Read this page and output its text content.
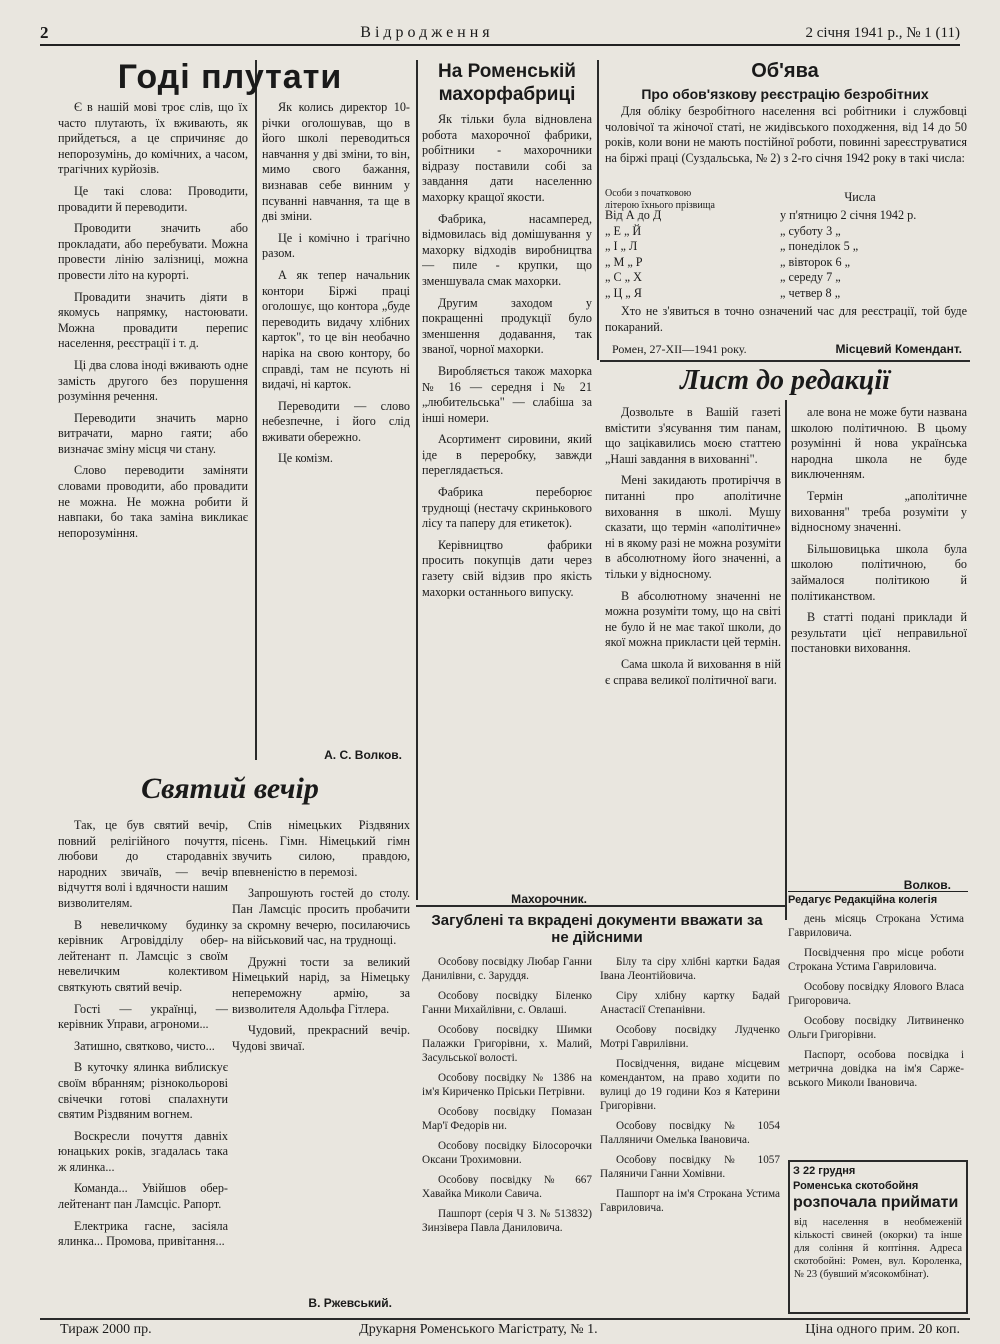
2	Відродження	2 січня 1941 р., № 1 (11)
Годі плутати

Є в нашій мові троє слів, що їх часто плутають, їх вживають, як прийдеться, а це спричиняє до непорозумінь, до комічних, а часом, трагічних курйозів.

Це такі слова: Проводити, провадити й переводити.

Проводити значить або прокладати, або перебувати. Можна провести лінію залізниці, можна провести літо на курорті.

Провадити значить діяти в якомусь напрямку, настоювати. Можна провадити перепис населення, реєстрації і т. д.

Ці два слова іноді вживають одне замість другого без порушення розуміння речення.

Переводити значить марно витрачати, марно гаяти; або визначає зміну місця чи стану.

Слово переводити заміняти словами проводити, або провадити не можна. Не можна робити й навпаки, бо така заміна викликає непорозуміння.

Як колись директор 10-річки оголошував, що в його школі переводиться навчання у дві зміни, то він, мимо свого бажання, визнавав себе винним у псуванні навчання, та ще в дві зміни.

Це і комічно і трагічно разом.

А як тепер начальник контори Біржі праці оголошує, що контора „буде переводить видачу хлібних карток", то це він необачно наріка на свою контору, бо справді, там не псують ні видачі, ні карток.

Переводити — слово небезпечне, і його слід вживати обережно.

Це комізм.

А. С. Волков.
Святий вечір

Так, це був святий вечір, повний релігійного почуття, любови до стародавніх народних звичаїв, — вечір відчуття волі і вдячности нашим визволителям.

В невеличкому будинку керівник Агровідділу обер-лейтенант п. Ламсціс з своїм невеличким колективом святкують святий вечір.

Гості — українці, — керівник Управи, агрономи...

Затишно, святково, чисто...

В куточку ялинка виблискує своїм вбранням; різнокольорові свічечки готові спалахнути святим Різдвяним вогнем.

Воскресли почуття давніх юнацьких років, згадалась така ж ялинка...

Команда... Увійшов обер-лейтенант пан Ламсціс. Рапорт.

Електрика гасне, засіяла ялинка... Промова, привітання...

Спів німецьких Різдвяних пісень. Гімн. Німецький гімн звучить силою, правдою, впевненістю в перемозі.

Запрошують гостей до столу. Пан Ламсціс просить пробачити за скромну вечерю, посилаючись на військовий час, на труднощі.

Дружні тости за великий Німецький нарід, за Німецьку непереможну армію, за визволителя Адольфа Гітлера.

Чудовий, прекрасний вечір. Чудові звичаї.

В. Ржевський.
На Роменській махорфабриці

Як тільки була відновлена робота махорочної фабрики, робітники - махорочники відразу поставили собі за завдання дати населенню махорку кращої якости.

Фабрика, насамперед, відмовилась від домішування у махорку відходів виробництва — пиле - крупки, що зменшувала смак махорки.

Другим заходом у покращенні продукції було зменшення додавання, так званої, чорної махорки.

Виробляється також махорка № 16 — середня і № 21 „любительська" — слабіша за інші номери.

Асортимент сировини, який іде в переробку, завжди переглядається.

Фабрика переборює труднощі (нестачу скринькового лісу та паперу для етикеток).

Керівництво фабрики просить покупців дати через газету свій відзив про якість махорки останнього випуску.

Махорочник.
Об'ява
Про обов'язкову реєстрацію безробітних

Для обліку безробітного населення всі робітники і службовці чоловічої та жіночої статі, не жидівського походження, від 14 до 50 років, коли вони не мають постійної роботи, повинні зареєструватися на біржі праці (Суздальська, № 2) з 2-го січня 1942 року в такі числа:

Особи з початковою літерою їхнього прізвища
Числа
Від А до Д	у п'ятницю 2 січня 1942 р.
„ Е „ Й	„ суботу 3 „
„ І „ Л	„ понеділок 5 „
„ М „ Р	„ вівторок 6 „
„ С „ Х	„ середу 7 „
„ Ц „ Я	„ четвер 8 „

Хто не з'явиться в точно означений час для реєстрації, той буде покараний.

Ромен, 27-XII—1941 року.	Місцевий Комендант.
Лист до редакції

Дозвольте в Вашій газеті вмістити з'ясування тим панам, що зацікавились моєю статтею „Наші завдання в вихованні".

Мені закидають протиріччя в питанні про аполітичне виховання в школі. Мушу сказати, що термін «аполітичне» ні в якому разі не можна розуміти в абсолютному його значенні, а тільки у відносному.

В абсолютному значенні не можна розуміти тому, що на світі не було й не має такої школи, до якої можна прикласти цей термін.

Сама школа й виховання в ній є справа великої політичної ваги.

але вона не може бути названа школою політичною. В цьому розумінні й нова українська народна школа не буде виключенням.

Термін „аполітичне виховання" треба розуміти у відносному значенні.

Більшовицька школа була школою політичною, бо займалося політикою й політиканством.

В статті подані приклади й результати цієї неправильної постановки виховання.

Волков.
Редагує Редакційна колегія
Загублені та вкрадені документи вважати за не дійсними

Особову посвідку Любар Ганни Данилівни, с. Заруддя.

Особову посвідку Біленко Ганни Михайлівни, с. Овлаші.

Особову посвідку Шимки Палажки Григорівни, х. Малий, Засульської волості.

Особову посвідку № 1386 на ім'я Кириченко Пріськи Петрівни.

Особову посвідку Помазан Мар'ї Федорів ни.

Особову посвідку Білосорочки Оксани Трохимовни.

Особову посвідку № 667 Хавайка Миколи Савича.

Пашпорт (серія Ч З. № 513832) Зинзівера Павла Даниловича.

Білу та сіру хлібні картки Бадая Івана Леонтійовича.

Сіру хлібну картку Бадай Анастасії Степанівни.

Особову посвідку Лудченко Мотрі Гаврилівни.

Посвідчення, видане місцевим комендантом, на право ходити по вулиці до 19 години Коз я Катерини Григорівни.

Особову посвідку № 1054 Палляничи Омелька Івановича.

Особову посвідку № 1057 Паляничи Ганни Хомівни.

Пашпорт на ім'я Строкана Устима Гавриловича.

день місяць Строкана Устима Гавриловича.

Посвідчення про місце роботи Строкана Устима Гавриловича.

Особову посвідку Ялового Власа Григоровича.

Особову посвідку Литвиненко Ольги Григорівни.

Паспорт, особова посвідка і метрична довідка на ім'я Сарже-вського Миколи Івановича.

З 22 грудня
Роменська скотобойня
розпочала приймати
від населення в необмеженій кількості свиней (окорки) та інше для соління й коптіння. Адреса скотобойні: Ромен, вул. Короленка, № 23 (бувший м'ясокомбінат).
Тираж 2000 пр.	Друкарня Роменського Магістрату, № 1.	Ціна одного прим. 20 коп.
